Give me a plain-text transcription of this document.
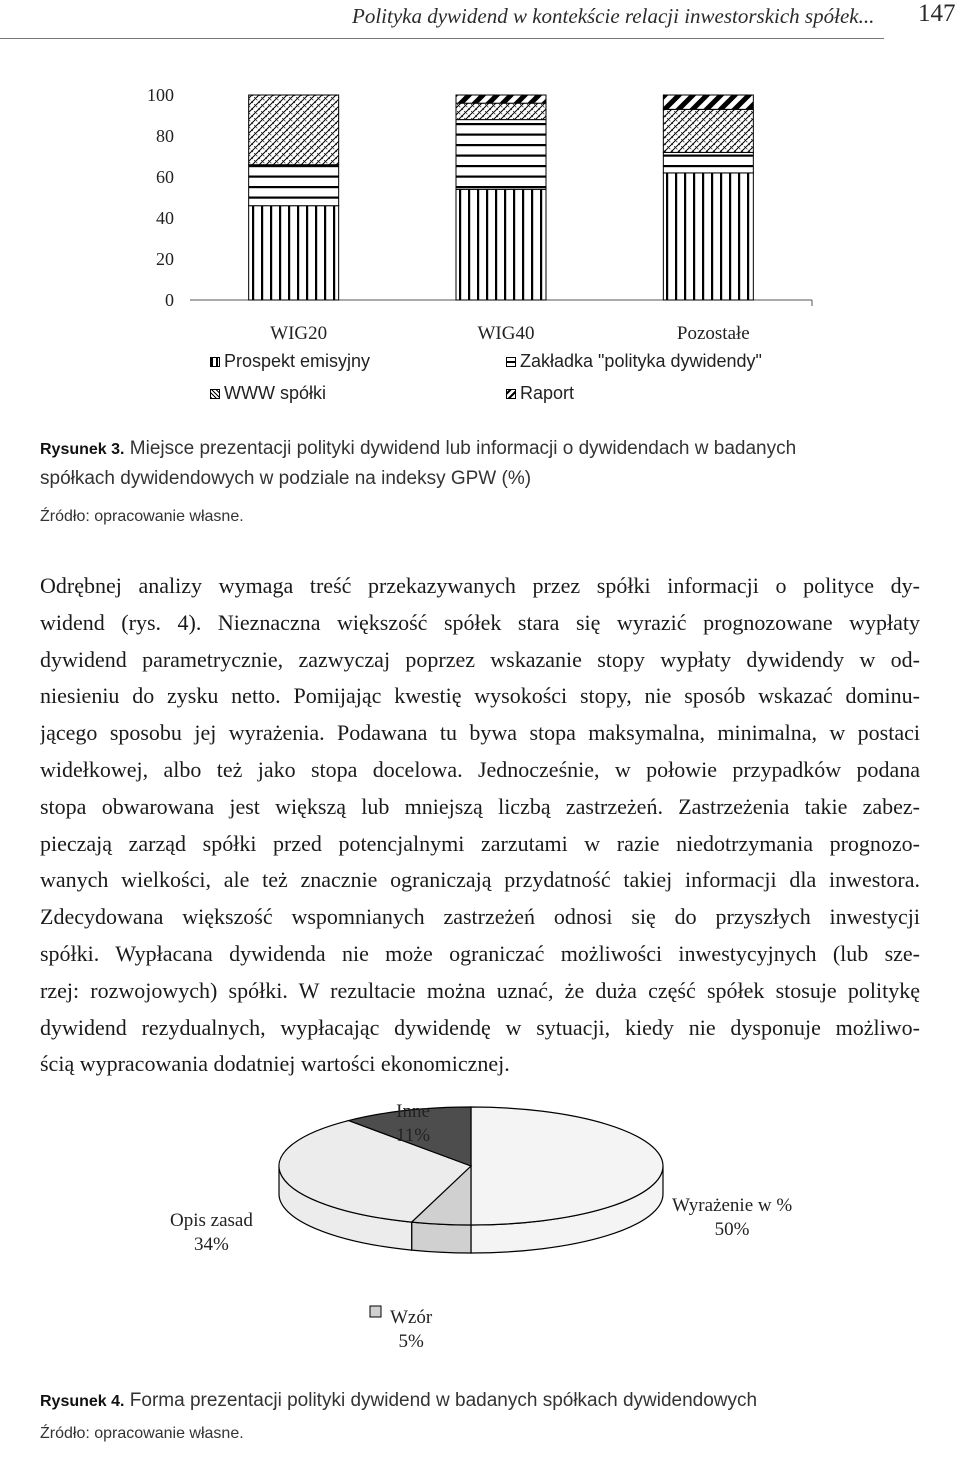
Polityka dywidend w kontekście relacji inwestorskich spółek... 147
100
80
60
40
20
0
WIG20	WIG40	Pozostałe
Prospekt emisyjny	Zakładka "polityka dywidendy"
WWW spółki	Raport
Rysunek 3. Miejsce prezentacji polityki dywidend lub informacji o dywidendach w badanych
spółkach dywidendowych w podziale na indeksy GPW (%)
Źródło: opracowanie własne.
Odrębnej analizy wymaga treść przekazywanych przez spółki informacji o polityce dy-
widend (rys. 4). Nieznaczna większość spółek stara się wyrazić prognozowane wypłaty
dywidend parametrycznie, zazwyczaj poprzez wskazanie stopy wypłaty dywidendy w od-
niesieniu do zysku netto. Pomijając kwestię wysokości stopy, nie sposób wskazać dominu-
jącego sposobu jej wyrażenia. Podawana tu bywa stopa maksymalna, minimalna, w postaci
widełkowej, albo też jako stopa docelowa. Jednocześnie, w połowie przypadków podana
stopa obwarowana jest większą lub mniejszą liczbą zastrzeżeń. Zastrzeżenia takie zabez-
pieczają zarząd spółki przed potencjalnymi zarzutami w razie niedotrzymania prognozo-
wanych wielkości, ale też znacznie ograniczają przydatność takiej informacji dla inwestora.
Zdecydowana większość wspomnianych zastrzeżeń odnosi się do przyszłych inwestycji
spółki. Wypłacana dywidenda nie może ograniczać możliwości inwestycyjnych (lub sze-
rzej: rozwojowych) spółki. W rezultacie można uznać, że duża część spółek stosuje politykę
dywidend rezydualnych, wypłacając dywidendę w sytuacji, kiedy nie dysponuje możliwo-
ścią wypracowania dodatniej wartości ekonomicznej.
Inne
11%
Wyrażenie w %
50%
Opis zasad
34%
Wzór
5%
Rysunek 4. Forma prezentacji polityki dywidend w badanych spółkach dywidendowych
Źródło: opracowanie własne.
